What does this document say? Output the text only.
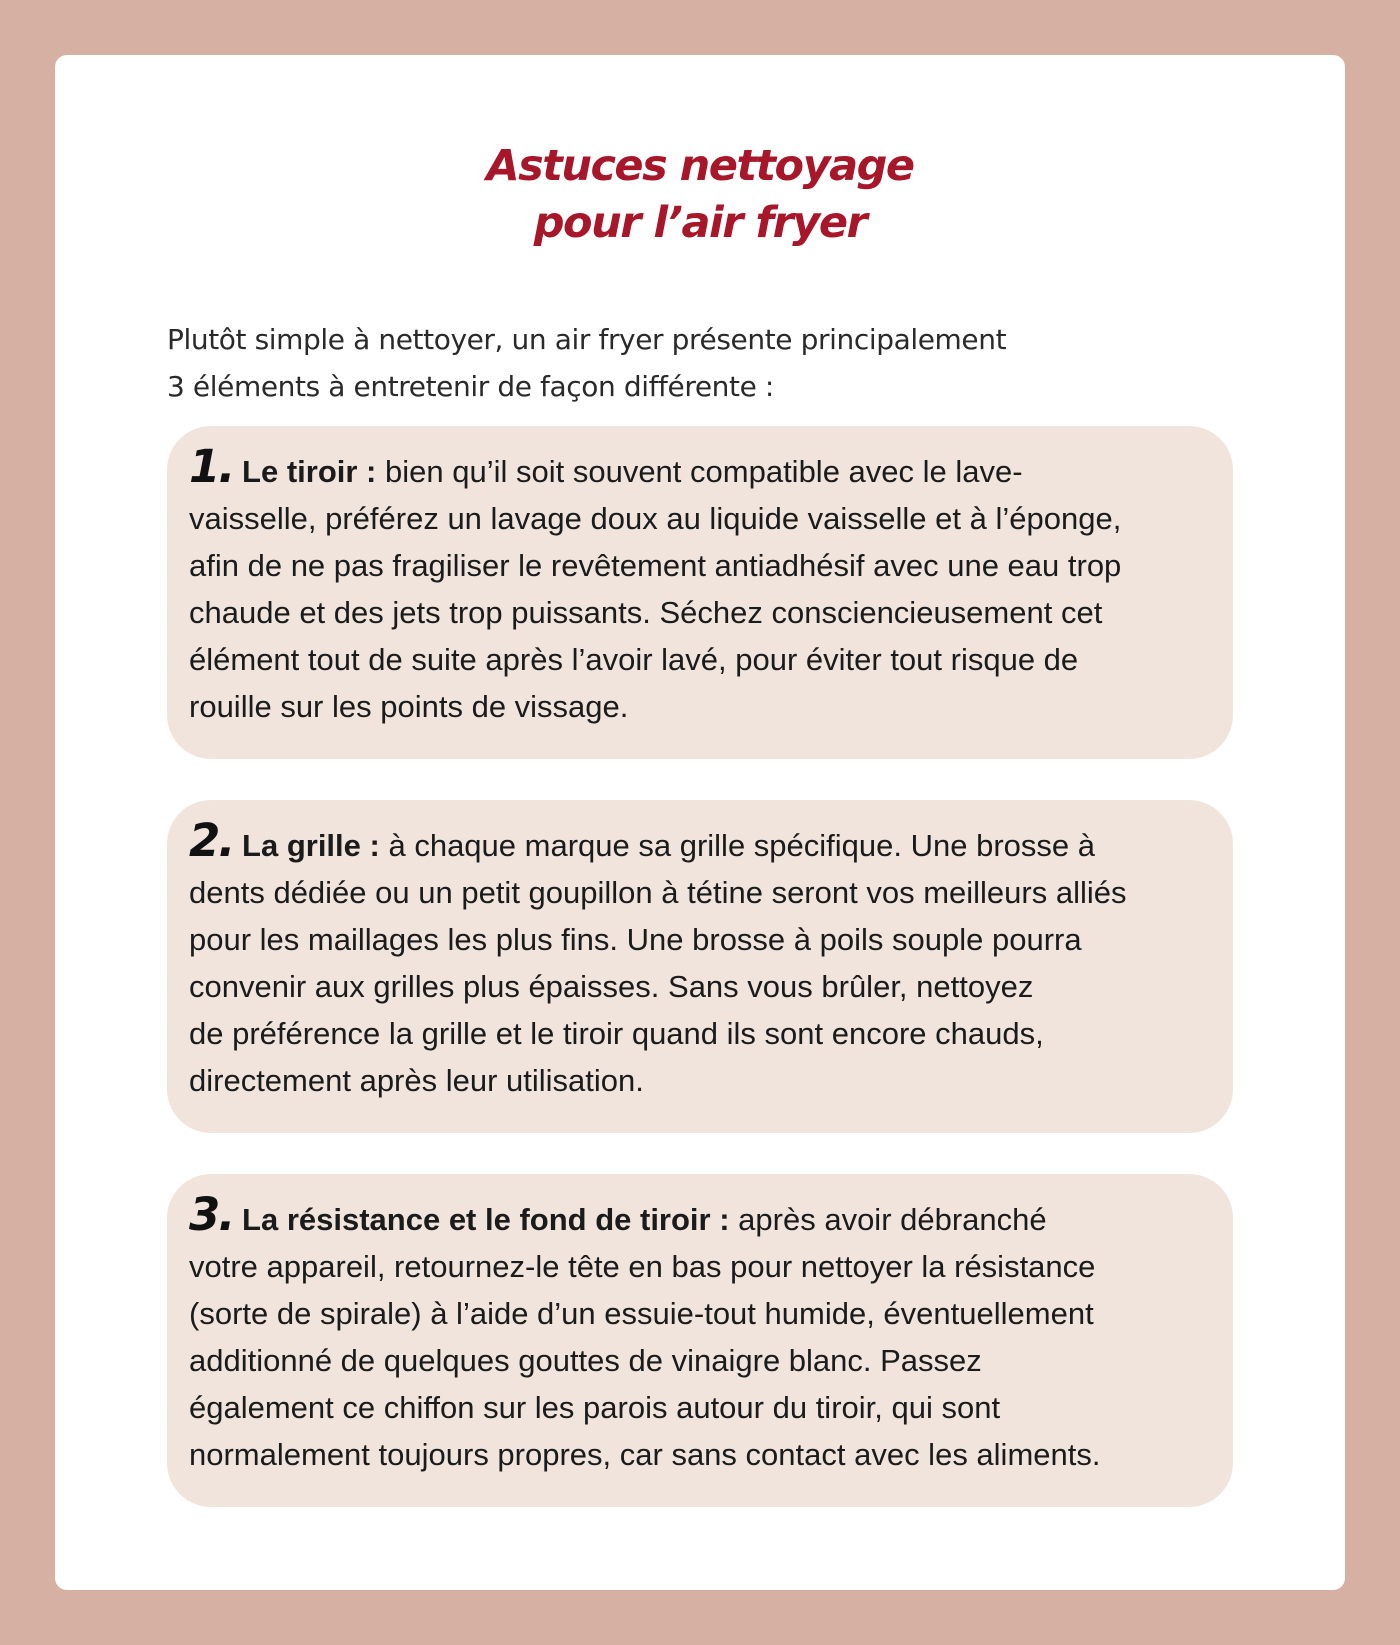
Astuces nettoyage
pour l’air fryer
Plutôt simple à nettoyer, un air fryer présente principalement
3 éléments à entretenir de façon différente :
1. Le tiroir : bien qu’il soit souvent compatible avec le lave-
vaisselle, préférez un lavage doux au liquide vaisselle et à l’éponge,
afin de ne pas fragiliser le revêtement antiadhésif avec une eau trop
chaude et des jets trop puissants. Séchez consciencieusement cet
élément tout de suite après l’avoir lavé, pour éviter tout risque de
rouille sur les points de vissage.
2. La grille : à chaque marque sa grille spécifique. Une brosse à
dents dédiée ou un petit goupillon à tétine seront vos meilleurs alliés
pour les maillages les plus fins. Une brosse à poils souple pourra
convenir aux grilles plus épaisses. Sans vous brûler, nettoyez
de préférence la grille et le tiroir quand ils sont encore chauds,
directement après leur utilisation.
3. La résistance et le fond de tiroir : après avoir débranché
votre appareil, retournez-le tête en bas pour nettoyer la résistance
(sorte de spirale) à l’aide d’un essuie-tout humide, éventuellement
additionné de quelques gouttes de vinaigre blanc. Passez
également ce chiffon sur les parois autour du tiroir, qui sont
normalement toujours propres, car sans contact avec les aliments.
